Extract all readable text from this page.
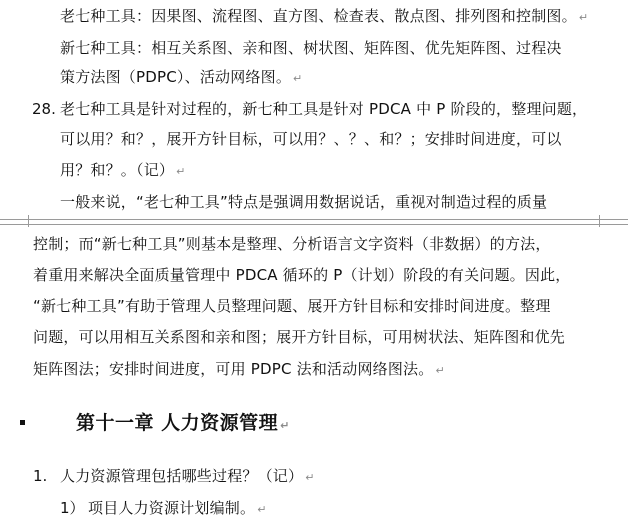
老七种工具：因果图、流程图、直方图、检查表、散点图、排列图和控制图。 ↵
新七种工具：相互关系图、亲和图、树状图、矩阵图、优先矩阵图、过程决
策方法图（PDPC）、活动网络图。 ↵
28. 老七种工具是针对过程的，新七种工具是针对 PDCA 中 P 阶段的，整理问题，
可以用？和？，展开方针目标，可以用？、？、和？；安排时间进度，可以
用？和？。（记） ↵
一般来说，“老七种工具”特点是强调用数据说话，重视对制造过程的质量
控制；而“新七种工具”则基本是整理、分析语言文字资料（非数据）的方法，
着重用来解决全面质量管理中 PDCA 循环的 P（计划）阶段的有关问题。因此，
“新七种工具”有助于管理人员整理问题、展开方针目标和安排时间进度。整理
问题，可以用相互关系图和亲和图；展开方针目标，可用树状法、矩阵图和优先
矩阵图法；安排时间进度，可用 PDPC 法和活动网络图法。 ↵
第十一章 人力资源管理 ↵
1. 人力资源管理包括哪些过程？（记） ↵
1） 项目人力资源计划编制。 ↵
